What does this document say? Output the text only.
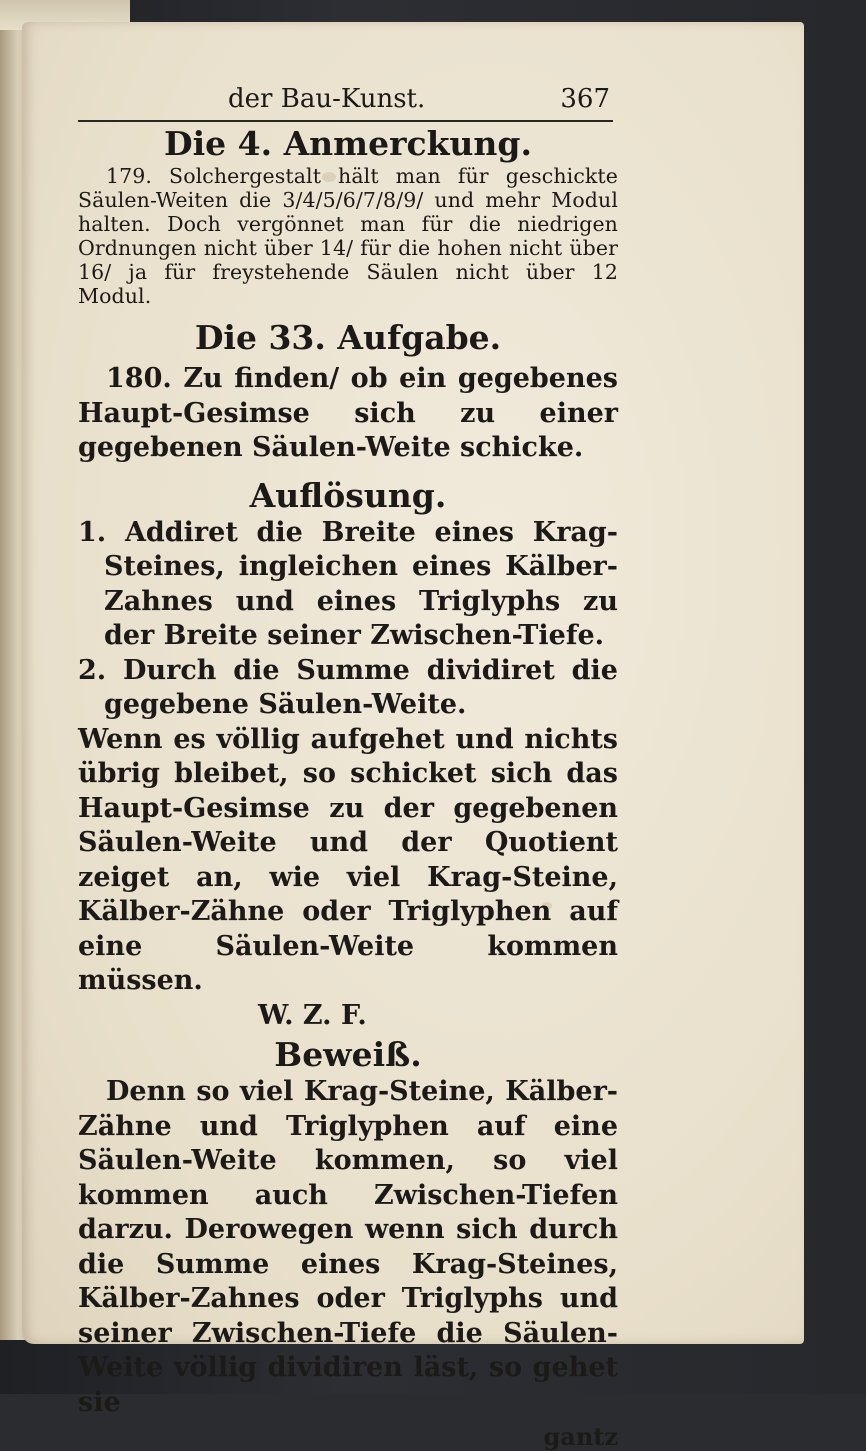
der Bau-Kunst.	367
Die 4. Anmerckung.

179. Solchergestalt hält man für geschickte Säulen-Weiten die 3/4/5/6/7/8/9/ und mehr Modul halten. Doch vergönnet man für die niedrigen Ordnungen nicht über 14/ für die hohen nicht über 16/ ja für freystehende Säulen nicht über 12 Modul.

Die 33. Aufgabe.

180. Zu finden/ ob ein gegebenes Haupt-Gesimse sich zu einer gegebenen Säulen-Weite schicke.

Auflösung.

1. Addiret die Breite eines Krag-Steines, ingleichen eines Kälber-Zahnes und eines Triglyphs zu der Breite seiner Zwischen-Tiefe.

2. Durch die Summe dividiret die gegebene Säulen-Weite.

Wenn es völlig aufgehet und nichts übrig bleibet, so schicket sich das Haupt-Gesimse zu der gegebenen Säulen-Weite und der Quotient zeiget an, wie viel Krag-Steine, Kälber-Zähne oder Triglyphen auf eine Säulen-Weite kommen müssen.

W. Z. F.

Beweiß.

Denn so viel Krag-Steine, Kälber-Zähne und Triglyphen auf eine Säulen-Weite kommen, so viel kommen auch Zwischen-Tiefen darzu. Derowegen wenn sich durch die Summe eines Krag-Steines, Kälber-Zahnes oder Triglyphs und seiner Zwischen-Tiefe die Säulen-Weite völlig dividiren läst, so gehet sie

gantz
